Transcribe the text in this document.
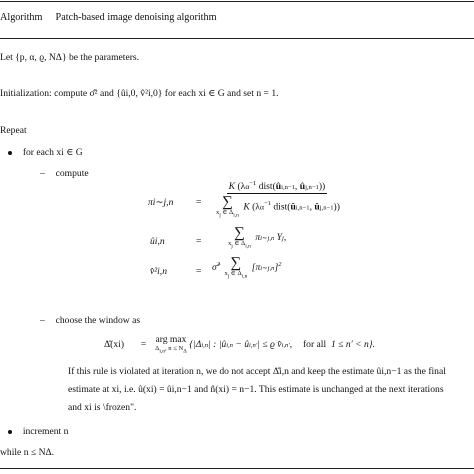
Algorithm Patch-based image denoising algorithm
Let {p, α, ϱ, NΔ} be the parameters.
Initialization: compute σ̂² and {ûi,0, v̂²i,0} for each xi ∈ G and set n = 1.
Repeat
for each xi ∈ G
– compute
πi∼j,n = K ($\lambda\alpha^{-1}$ dist(ûi,n−1, ûj,n−1))
∑
$x_j$ ∈ $\Delta_{i,n}$
K ($\lambda\alpha^{-1}$ dist(ûi,n−1, ûj,n−1))
ûi,n	=
∑
$x_j$ ∈ $\Delta_{i,n}$
πi∼j,n Yj,
v̂²i,n	= σ̂$^2$ ∑
$x_j$ ∈ $\Delta_{i,n}$
[πi∼j,n]$^2$
– choose the window as
Δ̂(xi) = arg max
$\Delta_{i,n}$, $n \le N_\Delta$
{|Δi,n| : |ûi,n − ûi,n′| ≤ ϱ v̂i,n′, for all  1 ≤ n′ < n}.
If this rule is violated at iteration n, we do not accept Δ̂i,n and keep the estimate ûi,n−1 as the final
estimate at xi, i.e. û(xi) = ûi,n−1 and n̂(xi) = n−1. This estimate is unchanged at the next iterations
and xi is \frozen".
increment n
while n ≤ NΔ.
